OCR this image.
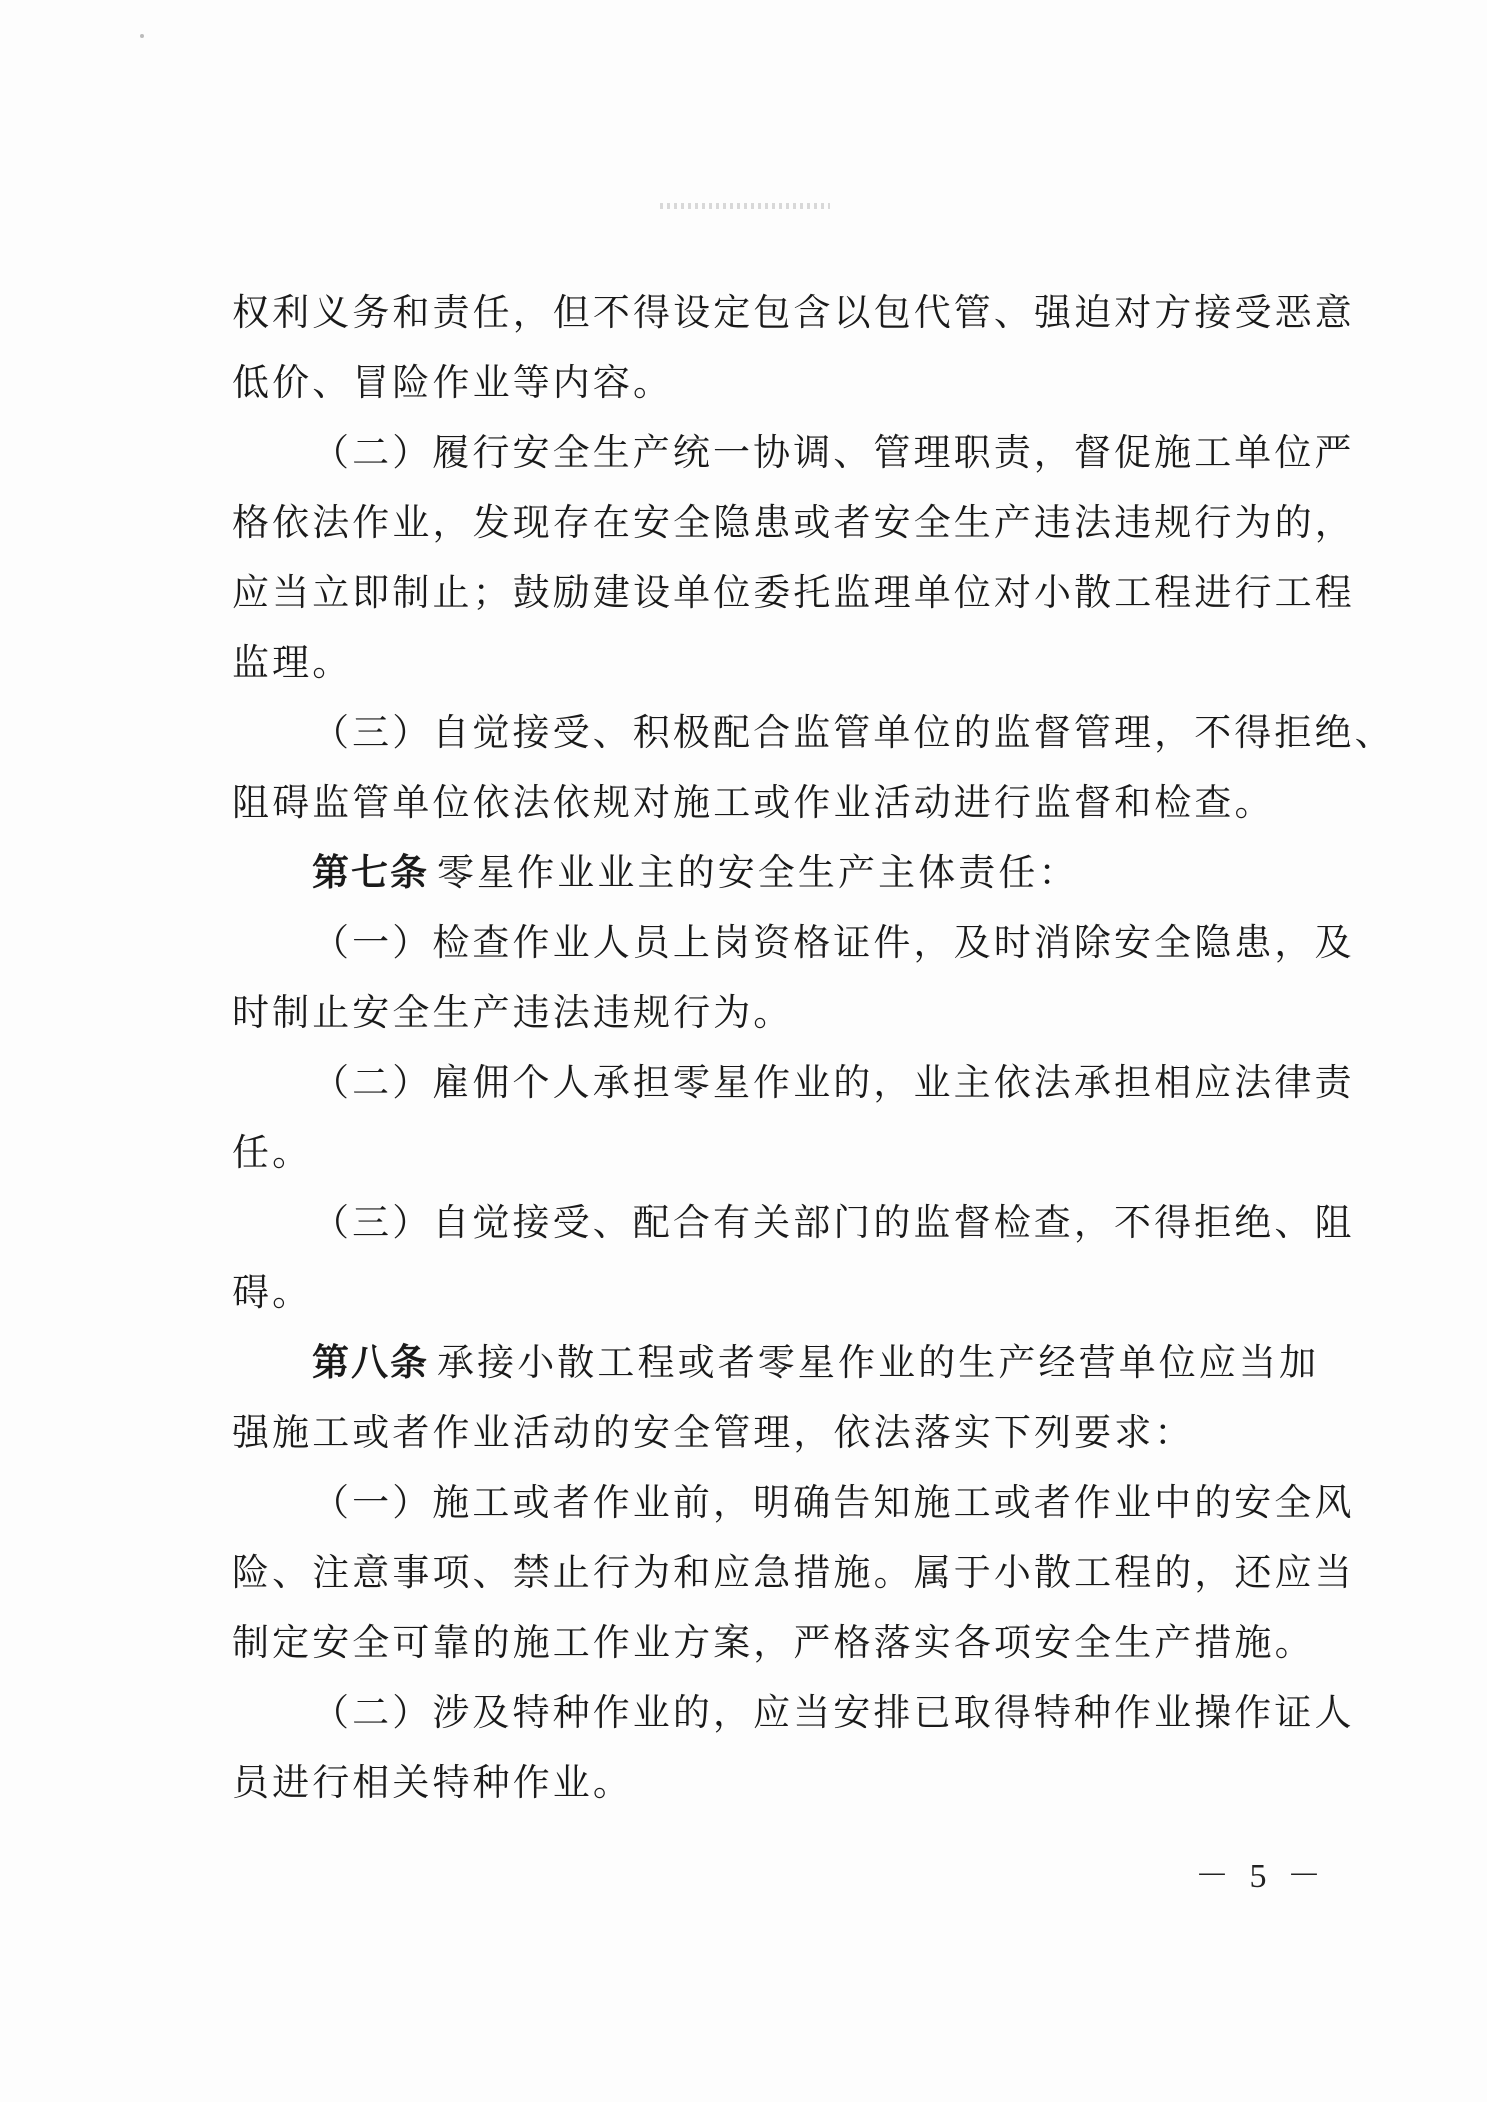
权利义务和责任，但不得设定包含以包代管、强迫对方接受恶意
低价、冒险作业等内容。
（二）履行安全生产统一协调、管理职责，督促施工单位严
格依法作业，发现存在安全隐患或者安全生产违法违规行为的，
应当立即制止；鼓励建设单位委托监理单位对小散工程进行工程
监理。
（三）自觉接受、积极配合监管单位的监督管理，不得拒绝、
阻碍监管单位依法依规对施工或作业活动进行监督和检查。
第七条 零星作业业主的安全生产主体责任：
（一）检查作业人员上岗资格证件，及时消除安全隐患，及
时制止安全生产违法违规行为。
（二）雇佣个人承担零星作业的，业主依法承担相应法律责
任。
（三）自觉接受、配合有关部门的监督检查，不得拒绝、阻
碍。
第八条 承接小散工程或者零星作业的生产经营单位应当加
强施工或者作业活动的安全管理，依法落实下列要求：
（一）施工或者作业前，明确告知施工或者作业中的安全风
险、注意事项、禁止行为和应急措施。属于小散工程的，还应当
制定安全可靠的施工作业方案，严格落实各项安全生产措施。
（二）涉及特种作业的，应当安排已取得特种作业操作证人
员进行相关特种作业。
－ 5 －
